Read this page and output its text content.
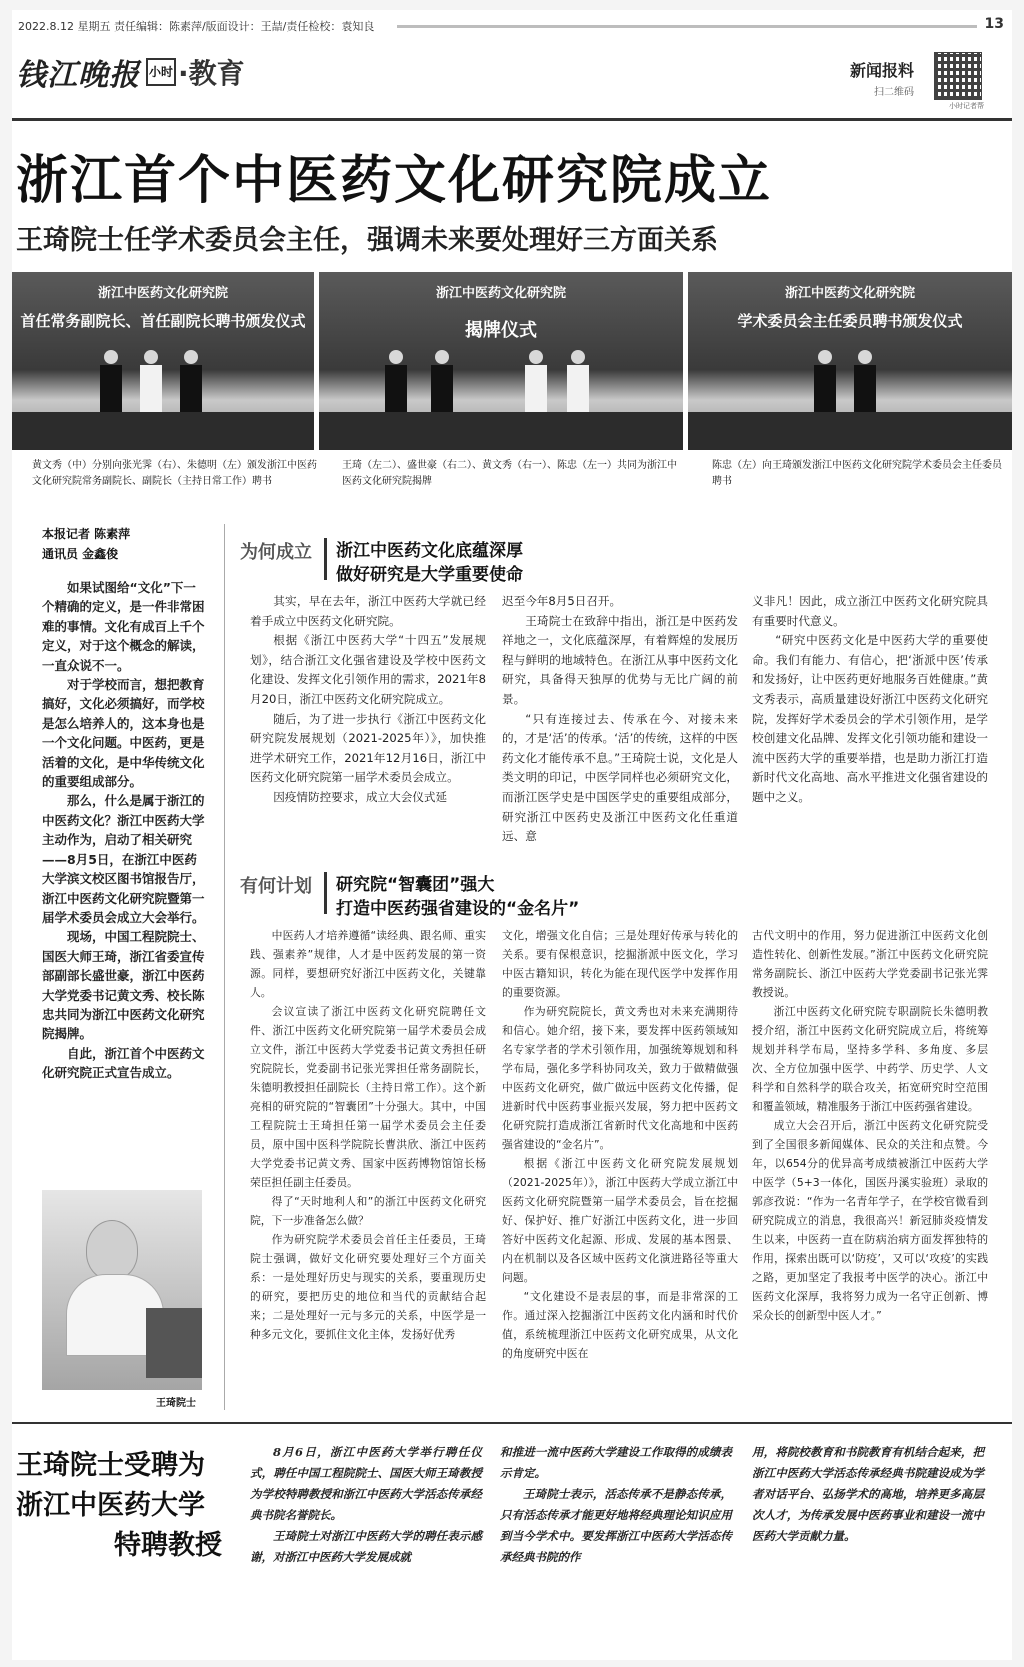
2022.8.12 星期五 责任编辑：陈素萍/版面设计：王喆/责任检校：袁知良	13
钱江晚报 小时 ·教育	新闻报料
扫二维码
小时记者帮
浙江首个中医药文化研究院成立
王琦院士任学术委员会主任，强调未来要处理好三方面关系
浙江中医药文化研究院
首任常务副院长、首任副院长聘书颁发仪式
黄文秀（中）分别向张光霁（右）、朱德明（左）颁发浙江中医药文化研究院常务副院长、副院长（主持日常工作）聘书
浙江中医药文化研究院
揭牌仪式
王琦（左二）、盛世豪（右二）、黄文秀（右一）、陈忠（左一）共同为浙江中医药文化研究院揭牌
浙江中医药文化研究院
学术委员会主任委员聘书颁发仪式
陈忠（左）向王琦颁发浙江中医药文化研究院学术委员会主任委员聘书
本报记者 陈素萍
通讯员 金鑫俊

如果试图给“文化”下一个精确的定义，是一件非常困难的事情。文化有成百上千个定义，对于这个概念的解读，一直众说不一。

对于学校而言，想把教育搞好，文化必须搞好，而学校是怎么培养人的，这本身也是一个文化问题。中医药，更是活着的文化，是中华传统文化的重要组成部分。

那么，什么是属于浙江的中医药文化？浙江中医药大学主动作为，启动了相关研究——8月5日，在浙江中医药大学滨文校区图书馆报告厅，浙江中医药文化研究院暨第一届学术委员会成立大会举行。

现场，中国工程院院士、国医大师王琦，浙江省委宣传部副部长盛世豪，浙江中医药大学党委书记黄文秀、校长陈忠共同为浙江中医药文化研究院揭牌。

自此，浙江首个中医药文化研究院正式宣告成立。

王琦院士
为何成立 浙江中医药文化底蕴深厚
做好研究是大学重要使命

其实，早在去年，浙江中医药大学就已经着手成立中医药文化研究院。

根据《浙江中医药大学“十四五”发展规划》，结合浙江文化强省建设及学校中医药文化建设、发挥文化引领作用的需求，2021年8月20日，浙江中医药文化研究院成立。

随后，为了进一步执行《浙江中医药文化研究院发展规划（2021-2025年）》，加快推进学术研究工作，2021年12月16日，浙江中医药文化研究院第一届学术委员会成立。

因疫情防控要求，成立大会仪式延

迟至今年8月5日召开。

王琦院士在致辞中指出，浙江是中医药发祥地之一，文化底蕴深厚，有着辉煌的发展历程与鲜明的地域特色。在浙江从事中医药文化研究，具备得天独厚的优势与无比广阔的前景。

“只有连接过去、传承在今、对接未来的，才是‘活’的传承。‘活’的传统，这样的中医药文化才能传承不息。”王琦院士说，文化是人类文明的印记，中医学同样也必须研究文化，而浙江医学史是中国医学史的重要组成部分，研究浙江中医药史及浙江中医药文化任重道远、意

义非凡！因此，成立浙江中医药文化研究院具有重要时代意义。

“研究中医药文化是中医药大学的重要使命。我们有能力、有信心，把‘浙派中医’传承和发扬好，让中医药更好地服务百姓健康。”黄文秀表示，高质量建设好浙江中医药文化研究院，发挥好学术委员会的学术引领作用，是学校创建文化品牌、发挥文化引领功能和建设一流中医药大学的重要举措，也是助力浙江打造新时代文化高地、高水平推进文化强省建设的题中之义。

有何计划 研究院“智囊团”强大
打造中医药强省建设的“金名片”

中医药人才培养遵循“读经典、跟名师、重实践、强素养”规律，人才是中医药发展的第一资源。同样，要想研究好浙江中医药文化，关键靠人。

会议宣读了浙江中医药文化研究院聘任文件、浙江中医药文化研究院第一届学术委员会成立文件，浙江中医药大学党委书记黄文秀担任研究院院长，党委副书记张光霁担任常务副院长，朱德明教授担任副院长（主持日常工作）。这个新亮相的研究院的“智囊团”十分强大。其中，中国工程院院士王琦担任第一届学术委员会主任委员，原中国中医科学院院长曹洪欣、浙江中医药大学党委书记黄文秀、国家中医药博物馆馆长杨荣臣担任副主任委员。

得了“天时地利人和”的浙江中医药文化研究院，下一步准备怎么做？

作为研究院学术委员会首任主任委员，王琦院士强调，做好文化研究要处理好三个方面关系：一是处理好历史与现实的关系，要重现历史的研究，要把历史的地位和当代的贡献结合起来；二是处理好一元与多元的关系，中医学是一种多元文化，要抓住文化主体，发扬好优秀

文化，增强文化自信；三是处理好传承与转化的关系。要有保根意识，挖掘浙派中医文化，学习中医古籍知识，转化为能在现代医学中发挥作用的重要资源。

作为研究院院长，黄文秀也对未来充满期待和信心。她介绍，接下来，要发挥中医药领域知名专家学者的学术引领作用，加强统筹规划和科学布局，强化多学科协同攻关，致力于做精做强中医药文化研究，做广做远中医药文化传播，促进新时代中医药事业振兴发展，努力把中医药文化研究院打造成浙江省新时代文化高地和中医药强省建设的“金名片”。

根据《浙江中医药文化研究院发展规划（2021-2025年）》，浙江中医药大学成立浙江中医药文化研究院暨第一届学术委员会，旨在挖掘好、保护好、推广好浙江中医药文化，进一步回答好中医药文化起源、形成、发展的基本图景、内在机制以及各区域中医药文化演进路径等重大问题。

“文化建设不是表层的事，而是非常深的工作。通过深入挖掘浙江中医药文化内涵和时代价值，系统梳理浙江中医药文化研究成果，从文化的角度研究中医在

古代文明中的作用，努力促进浙江中医药文化创造性转化、创新性发展。”浙江中医药文化研究院常务副院长、浙江中医药大学党委副书记张光霁教授说。

浙江中医药文化研究院专职副院长朱德明教授介绍，浙江中医药文化研究院成立后，将统筹规划并科学布局，坚持多学科、多角度、多层次、全方位加强中医学、中药学、历史学、人文科学和自然科学的联合攻关，拓宽研究时空范围和覆盖领域，精准服务于浙江中医药强省建设。

成立大会召开后，浙江中医药文化研究院受到了全国很多新闻媒体、民众的关注和点赞。今年，以654分的优异高考成绩被浙江中医药大学中医学（5+3一体化，国医丹溪实验班）录取的郭彦孜说：“作为一名青年学子，在学校官微看到研究院成立的消息，我很高兴！新冠肺炎疫情发生以来，中医药一直在防病治病方面发挥独特的作用，探索出既可以‘防疫’，又可以‘攻疫’的实践之路，更加坚定了我报考中医学的决心。浙江中医药文化深厚，我将努力成为一名守正创新、博采众长的创新型中医人才。”

王琦院士受聘为
浙江中医药大学
特聘教授

8月6日，浙江中医药大学举行聘任仪式，聘任中国工程院院士、国医大师王琦教授为学校特聘教授和浙江中医药大学活态传承经典书院名誉院长。

王琦院士对浙江中医药大学的聘任表示感谢，对浙江中医药大学发展成就

和推进一流中医药大学建设工作取得的成绩表示肯定。

王琦院士表示，活态传承不是静态传承，只有活态传承才能更好地将经典理论知识应用到当今学术中。要发挥浙江中医药大学活态传承经典书院的作

用，将院校教育和书院教育有机结合起来，把浙江中医药大学活态传承经典书院建设成为学者对话平台、弘扬学术的高地，培养更多高层次人才，为传承发展中医药事业和建设一流中医药大学贡献力量。
